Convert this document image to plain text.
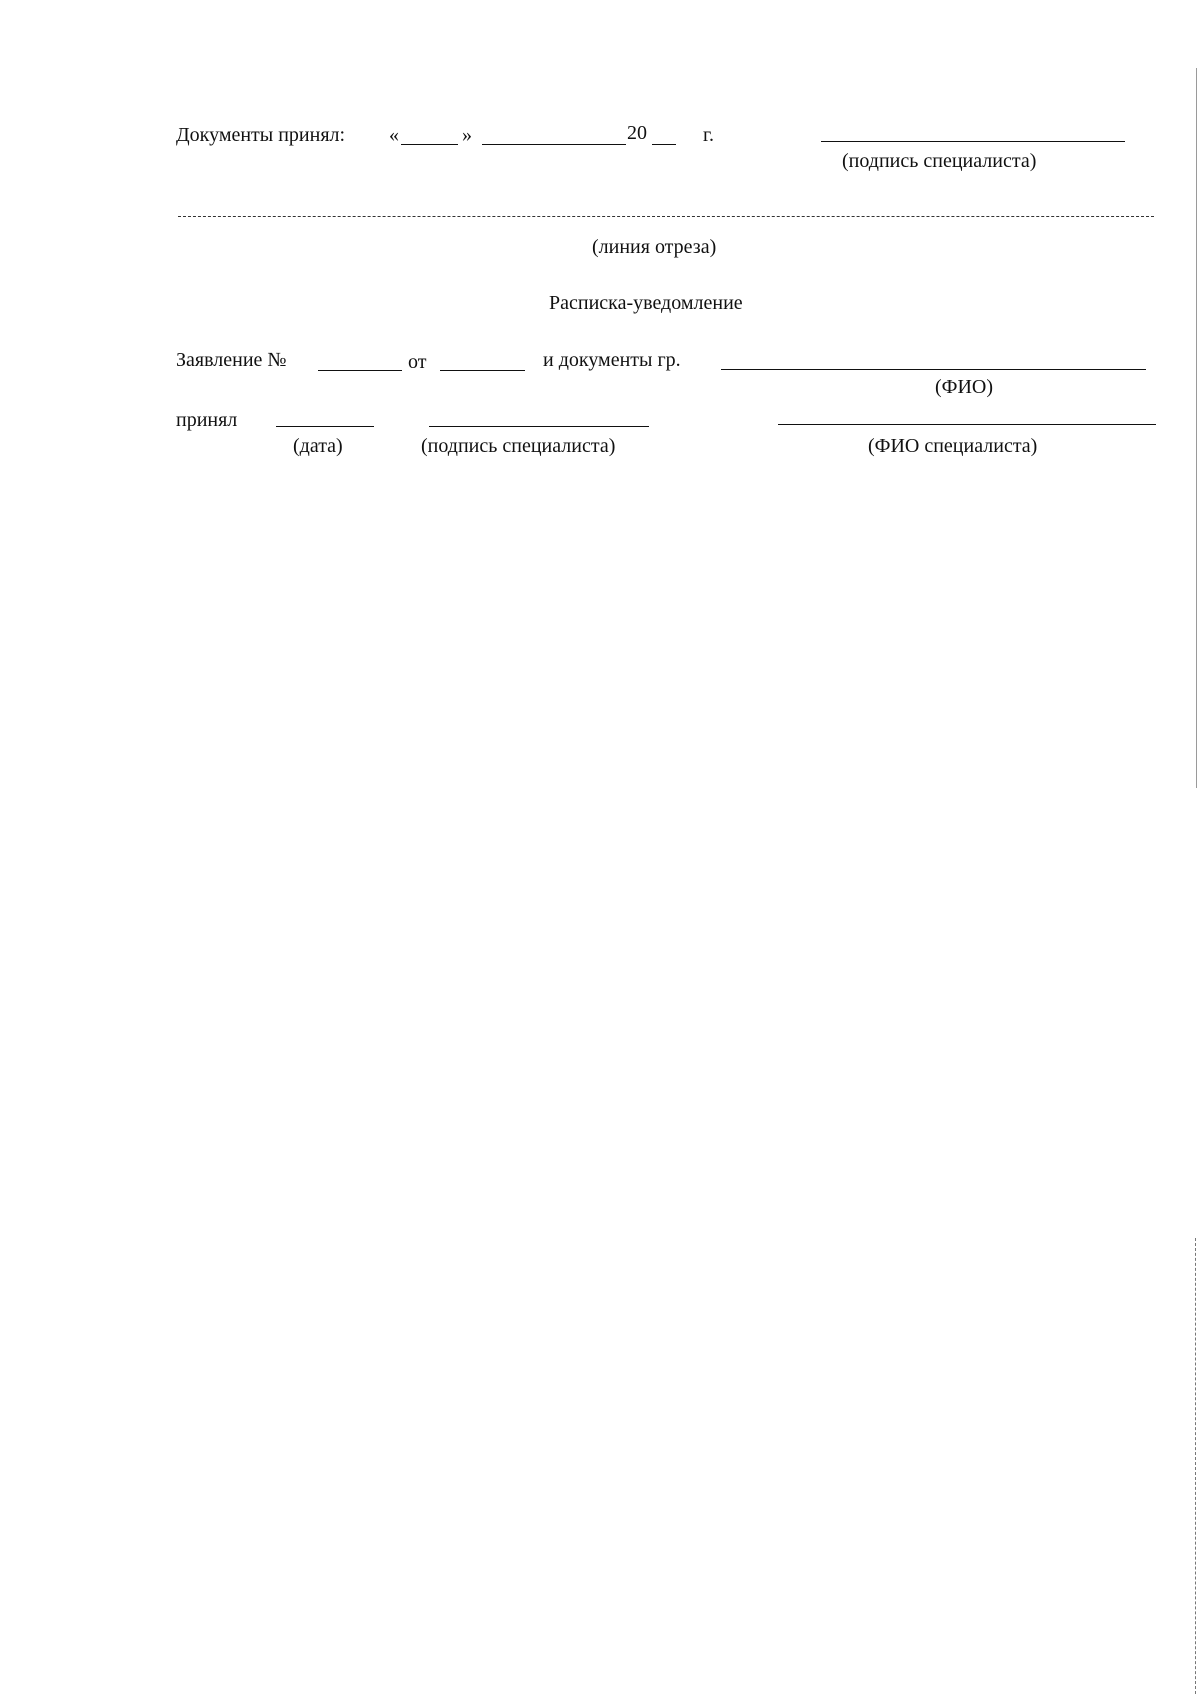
Документы принял: «	»	20	г.
(подпись специалиста)
(линия отреза)
Расписка-уведомление
Заявление №	от	и документы гр.
(ФИО)
принял
(дата)	(подпись специалиста)	(ФИО специалиста)
